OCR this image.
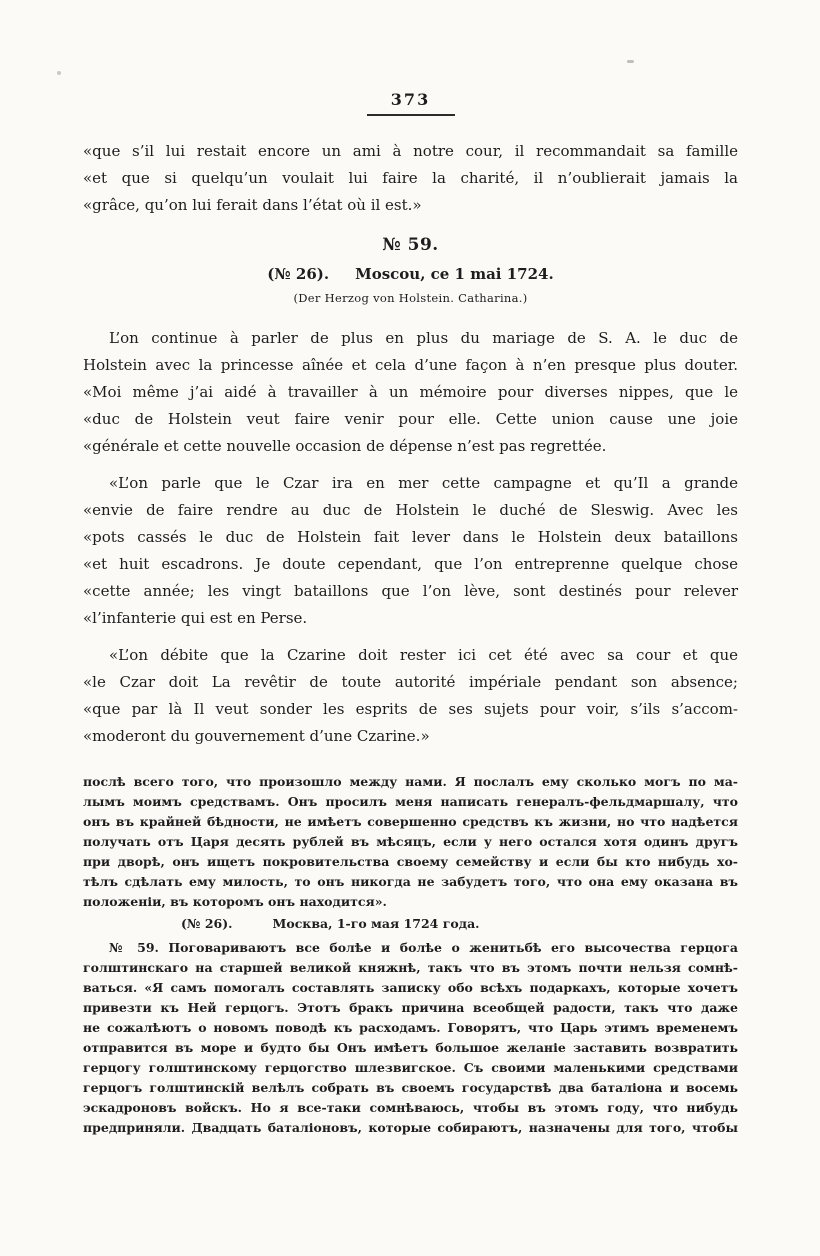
373
«que s’il lui restait encore un ami à notre cour, il recommandait sa famille
«et que si quelqu’un voulait lui faire la charité, il n’oublierait jamais la
«grâce, qu’on lui ferait dans l’état où il est.»
№ 59.
(№ 26). Moscou, ce 1 mai 1724.
(Der Herzog von Holstein. Catharina.)
L’on continue à parler de plus en plus du mariage de S. A. le duc de
Holstein avec la princesse aînée et cela d’une façon à n’en presque plus douter.
«Moi même j’ai aidé à travailler à un mémoire pour diverses nippes, que le
«duc de Holstein veut faire venir pour elle. Cette union cause une joie
«générale et cette nouvelle occasion de dépense n’est pas regrettée.
«L’on parle que le Czar ira en mer cette campagne et qu’Il a grande
«envie de faire rendre au duc de Holstein le duché de Sleswig. Avec les
«pots cassés le duc de Holstein fait lever dans le Holstein deux bataillons
«et huit escadrons. Je doute cependant, que l’on entreprenne quelque chose
«cette année; les vingt bataillons que l’on lève, sont destinés pour relever
«l’infanterie qui est en Perse.
«L’on débite que la Czarine doit rester ici cet été avec sa cour et que
«le Czar doit La revêtir de toute autorité impériale pendant son absence;
«que par là Il veut sonder les esprits de ses sujets pour voir, s’ils s’accom-
«moderont du gouvernement d’une Czarine.»
послѣ всего того, что произошло между нами. Я послалъ ему сколько могъ по ма-
лымъ моимъ средствамъ. Онъ просилъ меня написать генералъ-фельдмаршалу, что
онъ въ крайней бѣдности, не имѣетъ совершенно средствъ къ жизни, но что надѣется
получать отъ Царя десять рублей въ мѣсяцъ, если у него остался хотя одинъ другъ
при дворѣ, онъ ищетъ покровительства своему семейству и если бы кто нибудь хо-
тѣлъ сдѣлать ему милость, то онъ никогда не забудетъ того, что она ему оказана въ
положеніи, въ которомъ онъ находится».
(№ 26).	Москва, 1-го мая 1724 года.
№ 59. Поговариваютъ все болѣе и болѣе о женитьбѣ его высочества герцога
голштинскаго на старшей великой княжнѣ, такъ что въ этомъ почти нельзя сомнѣ-
ваться. «Я самъ помогалъ составлять записку обо всѣхъ подаркахъ, которые хочетъ
привезти къ Ней герцогъ. Этотъ бракъ причина всеобщей радости, такъ что даже
не сожалѣютъ о новомъ поводѣ къ расходамъ. Говорятъ, что Царь этимъ временемъ
отправится въ море и будто бы Онъ имѣетъ большое желаніе заставить возвратить
герцогу голштинскому герцогство шлезвигское. Съ своими маленькими средствами
герцогъ голштинскій велѣлъ собрать въ своемъ государствѣ два баталіона и восемь
эскадроновъ войскъ. Но я все-таки сомнѣваюсь, чтобы въ этомъ году, что нибудь
предприняли. Двадцать баталіоновъ, которые собираютъ, назначены для того, чтобы
